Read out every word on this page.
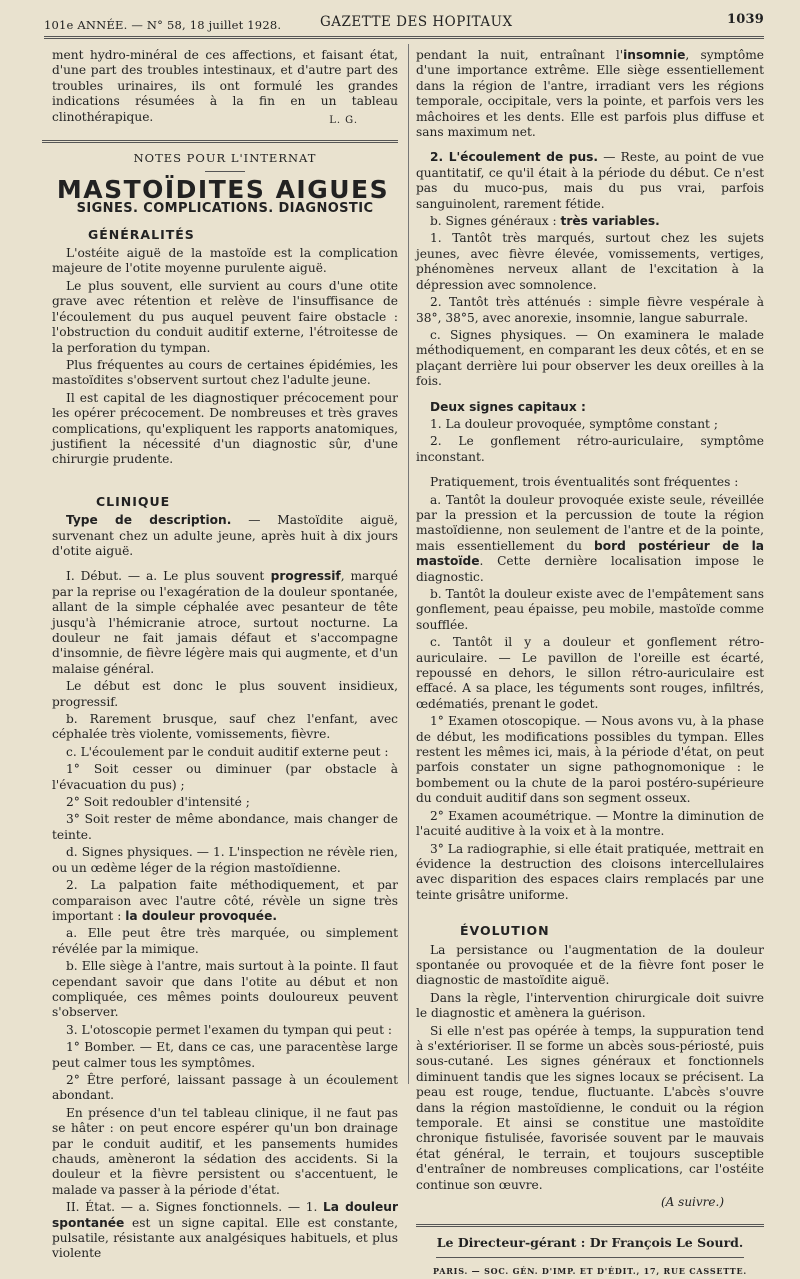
101e ANNÉE. — N° 58, 18 juillet 1928.	GAZETTE DES HOPITAUX	1039

ment hydro-minéral de ces affections, et faisant état, d'une part des troubles intestinaux, et d'autre part des troubles urinaires, ils ont formulé les grandes indications résumées à la fin en un tableau clinothérapique.	L. G.

NOTES POUR L'INTERNAT
MASTOÏDITES AIGUES
SIGNES. COMPLICATIONS. DIAGNOSTIC
GÉNÉRALITÉS

L'ostéite aiguë de la mastoïde est la complication majeure de l'otite moyenne purulente aiguë.

Le plus souvent, elle survient au cours d'une otite grave avec rétention et relève de l'insuffisance de l'écoulement du pus auquel peuvent faire obstacle : l'obstruction du conduit auditif externe, l'étroitesse de la perforation du tympan.

Plus fréquentes au cours de certaines épidémies, les mastoïdites s'observent surtout chez l'adulte jeune.

Il est capital de les diagnostiquer précocement pour les opérer précocement. De nombreuses et très graves complications, qu'expliquent les rapports anatomiques, justifient la nécessité d'un diagnostic sûr, d'une chirurgie prudente.

CLINIQUE

Type de description. — Mastoïdite aiguë, survenant chez un adulte jeune, après huit à dix jours d'otite aiguë.

I. Début. — a. Le plus souvent progressif, marqué par la reprise ou l'exagération de la douleur spontanée, allant de la simple céphalée avec pesanteur de tête jusqu'à l'hémicranie atroce, surtout nocturne. La douleur ne fait jamais défaut et s'accompagne d'insomnie, de fièvre légère mais qui augmente, et d'un malaise général.

Le début est donc le plus souvent insidieux, progressif.

b. Rarement brusque, sauf chez l'enfant, avec céphalée très violente, vomissements, fièvre.

c. L'écoulement par le conduit auditif externe peut :

1° Soit cesser ou diminuer (par obstacle à l'évacuation du pus) ;

2° Soit redoubler d'intensité ;

3° Soit rester de même abondance, mais changer de teinte.

d. Signes physiques. — 1. L'inspection ne révèle rien, ou un œdème léger de la région mastoïdienne.

2. La palpation faite méthodiquement, et par comparaison avec l'autre côté, révèle un signe très important : la douleur provoquée.

a. Elle peut être très marquée, ou simplement révélée par la mimique.

b. Elle siège à l'antre, mais surtout à la pointe. Il faut cependant savoir que dans l'otite au début et non compliquée, ces mêmes points douloureux peuvent s'observer.

3. L'otoscopie permet l'examen du tympan qui peut :

1° Bomber. — Et, dans ce cas, une paracentèse large peut calmer tous les symptômes.

2° Être perforé, laissant passage à un écoulement abondant.

En présence d'un tel tableau clinique, il ne faut pas se hâter : on peut encore espérer qu'un bon drainage par le conduit auditif, et les pansements humides chauds, amèneront la sédation des accidents. Si la douleur et la fièvre persistent ou s'accentuent, le malade va passer à la période d'état.

II. État. — a. Signes fonctionnels. — 1. La douleur spontanée est un signe capital. Elle est constante, pulsatile, résistante aux analgésiques habituels, et plus violente

pendant la nuit, entraînant l'insomnie, symptôme d'une importance extrême. Elle siège essentiellement dans la région de l'antre, irradiant vers les régions temporale, occipitale, vers la pointe, et parfois vers les mâchoires et les dents. Elle est parfois plus diffuse et sans maximum net.

2. L'écoulement de pus. — Reste, au point de vue quantitatif, ce qu'il était à la période du début. Ce n'est pas du muco-pus, mais du pus vrai, parfois sanguinolent, rarement fétide.

b. Signes généraux : très variables.

1. Tantôt très marqués, surtout chez les sujets jeunes, avec fièvre élevée, vomissements, vertiges, phénomènes nerveux allant de l'excitation à la dépression avec somnolence.

2. Tantôt très atténués : simple fièvre vespérale à 38°, 38°5, avec anorexie, insomnie, langue saburrale.

c. Signes physiques. — On examinera le malade méthodiquement, en comparant les deux côtés, et en se plaçant derrière lui pour observer les deux oreilles à la fois.

Deux signes capitaux :

1. La douleur provoquée, symptôme constant ;

2. Le gonflement rétro-auriculaire, symptôme inconstant.

Pratiquement, trois éventualités sont fréquentes :

a. Tantôt la douleur provoquée existe seule, réveillée par la pression et la percussion de toute la région mastoïdienne, non seulement de l'antre et de la pointe, mais essentiellement du bord postérieur de la mastoïde. Cette dernière localisation impose le diagnostic.

b. Tantôt la douleur existe avec de l'empâtement sans gonflement, peau épaisse, peu mobile, mastoïde comme soufflée.

c. Tantôt il y a douleur et gonflement rétro-auriculaire. — Le pavillon de l'oreille est écarté, repoussé en dehors, le sillon rétro-auriculaire est effacé. A sa place, les téguments sont rouges, infiltrés, œdématiés, prenant le godet.

1° Examen otoscopique. — Nous avons vu, à la phase de début, les modifications possibles du tympan. Elles restent les mêmes ici, mais, à la période d'état, on peut parfois constater un signe pathognomonique : le bombement ou la chute de la paroi postéro-supérieure du conduit auditif dans son segment osseux.

2° Examen acoumétrique. — Montre la diminution de l'acuité auditive à la voix et à la montre.

3° La radiographie, si elle était pratiquée, mettrait en évidence la destruction des cloisons intercellulaires avec disparition des espaces clairs remplacés par une teinte grisâtre uniforme.

ÉVOLUTION

La persistance ou l'augmentation de la douleur spontanée ou provoquée et de la fièvre font poser le diagnostic de mastoïdite aiguë.

Dans la règle, l'intervention chirurgicale doit suivre le diagnostic et amènera la guérison.

Si elle n'est pas opérée à temps, la suppuration tend à s'extérioriser. Il se forme un abcès sous-périosté, puis sous-cutané. Les signes généraux et fonctionnels diminuent tandis que les signes locaux se précisent. La peau est rouge, tendue, fluctuante. L'abcès s'ouvre dans la région mastoïdienne, le conduit ou la région temporale. Et ainsi se constitue une mastoïdite chronique fistulisée, favorisée souvent par le mauvais état général, le terrain, et toujours susceptible d'entraîner de nombreuses complications, car l'ostéite continue son œuvre.

(A suivre.)

Le Directeur-gérant : Dr François Le Sourd.
PARIS. — SOC. GÉN. D'IMP. ET D'ÉDIT., 17, RUE CASSETTE.
